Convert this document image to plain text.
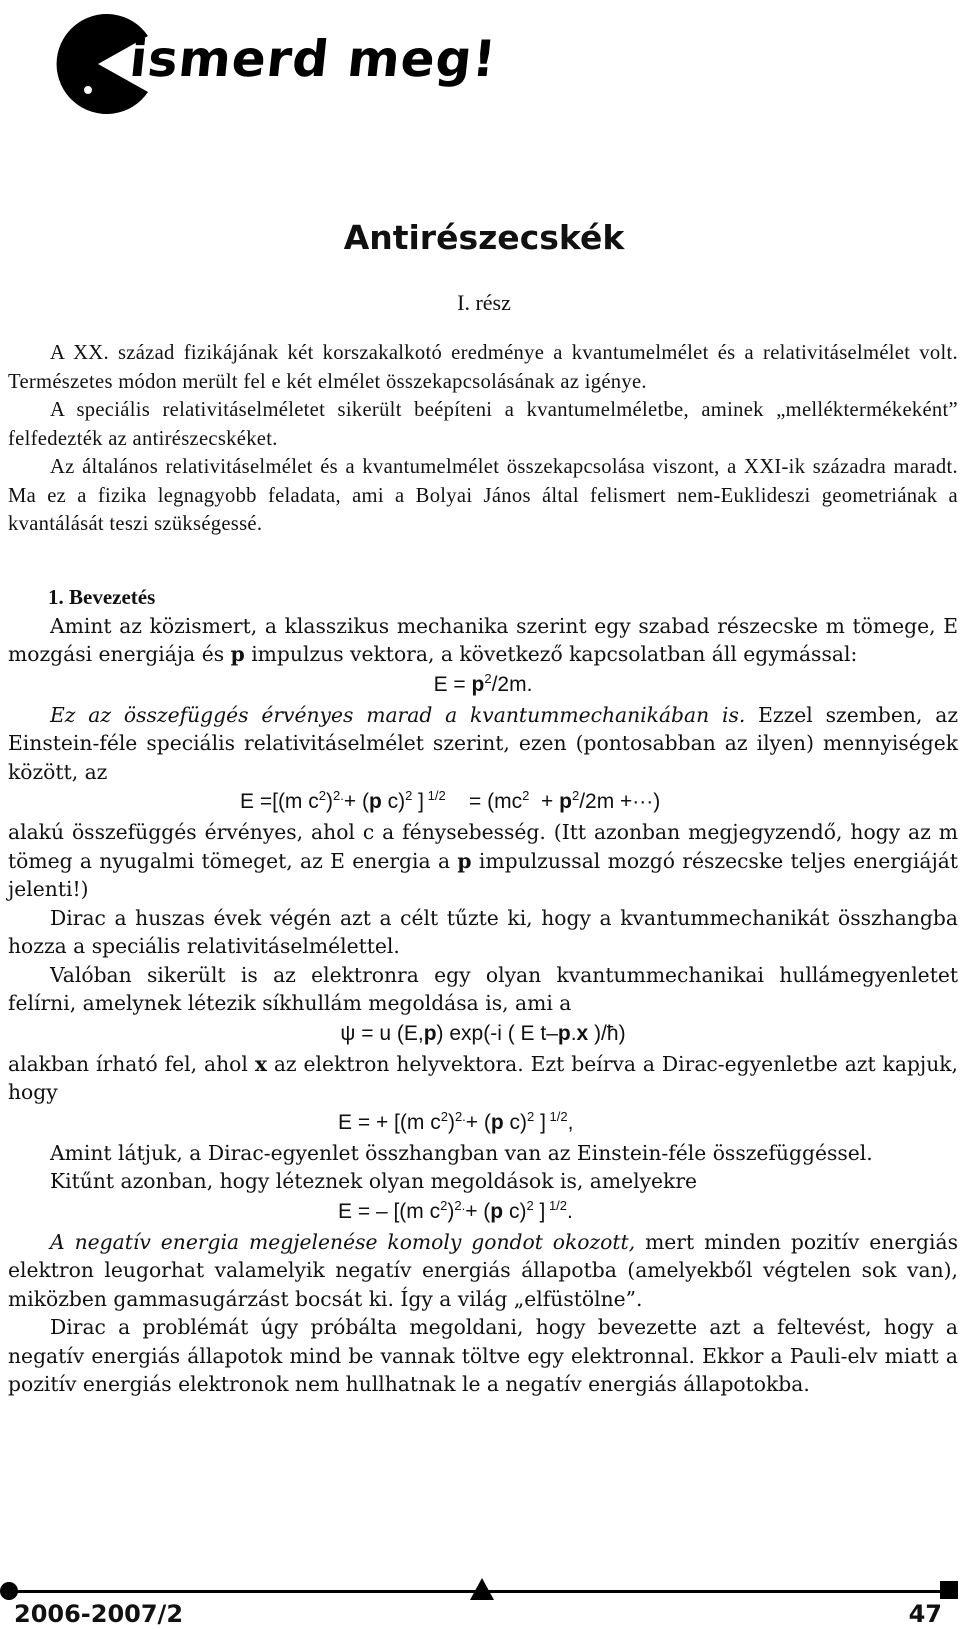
ismerd meg!
Antirészecskék
I. rész

A XX. század fizikájának két korszakalkotó eredménye a kvantumelmélet és a relativitáselmélet volt. Természetes módon merült fel e két elmélet összekapcsolásának az igénye.

A speciális relativitáselméletet sikerült beépíteni a kvantumelméletbe, aminek „melléktermékeként” felfedezték az antirészecskéket.

Az általános relativitáselmélet és a kvantumelmélet összekapcsolása viszont, a XXI-ik századra maradt. Ma ez a fizika legnagyobb feladata, ami a Bolyai János által felismert nem-Euklideszi geometriának a kvantálását teszi szükségessé.

1. Bevezetés

Amint az közismert, a klasszikus mechanika szerint egy szabad részecske m tömege, E mozgási energiája és p impulzus vektora, a következő kapcsolatban áll egymással:

$E = p^2/2m$.

Ez az összefüggés érvényes marad a kvantummechanikában is. Ezzel szemben, az Einstein-féle speciális relativitáselmélet szerint, ezen (pontosabban az ilyen) mennyiségek között, az

E =[(m $c^2)^{2.}+ (p$ c)$^2$ ] $^{1/2}$    = ($mc^2 + p^2/2m$ +···)

alakú összefüggés érvényes, ahol c a fénysebesség. (Itt azonban megjegyzendő, hogy az m tömeg a nyugalmi tömeget, az E energia a p impulzussal mozgó részecske teljes energiáját jelenti!)

Dirac a huszas évek végén azt a célt tűzte ki, hogy a kvantummechanikát összhangba hozza a speciális relativitáselmélettel.

Valóban sikerült is az elektronra egy olyan kvantummechanikai hullámegyenletet felírni, amelynek létezik síkhullám megoldása is, ami a

ψ = u (E,p) exp(-i ( E t–p.x )/ħ)

alakban írható fel, ahol x az elektron helyvektora. Ezt beírva a Dirac-egyenletbe azt kapjuk, hogy

E = + [(m $c^2)^{2.}+ (p$ c)$^2$ ] $^{1/2}$,

Amint látjuk, a Dirac-egyenlet összhangban van az Einstein-féle összefüggéssel.

Kitűnt azonban, hogy léteznek olyan megoldások is, amelyekre

E = – [(m $c^2)^{2.}+ (p$ c)$^2$ ] $^{1/2}$.

A negatív energia megjelenése komoly gondot okozott, mert minden pozitív energiás elektron leugorhat valamelyik negatív energiás állapotba (amelyekből végtelen sok van), miközben gammasugárzást bocsát ki. Így a világ „elfüstölne”.

Dirac a problémát úgy próbálta megoldani, hogy bevezette azt a feltevést, hogy a negatív energiás állapotok mind be vannak töltve egy elektronnal. Ekkor a Pauli-elv miatt a pozitív energiás elektronok nem hullhatnak le a negatív energiás állapotokba.

2006-2007/2	47
